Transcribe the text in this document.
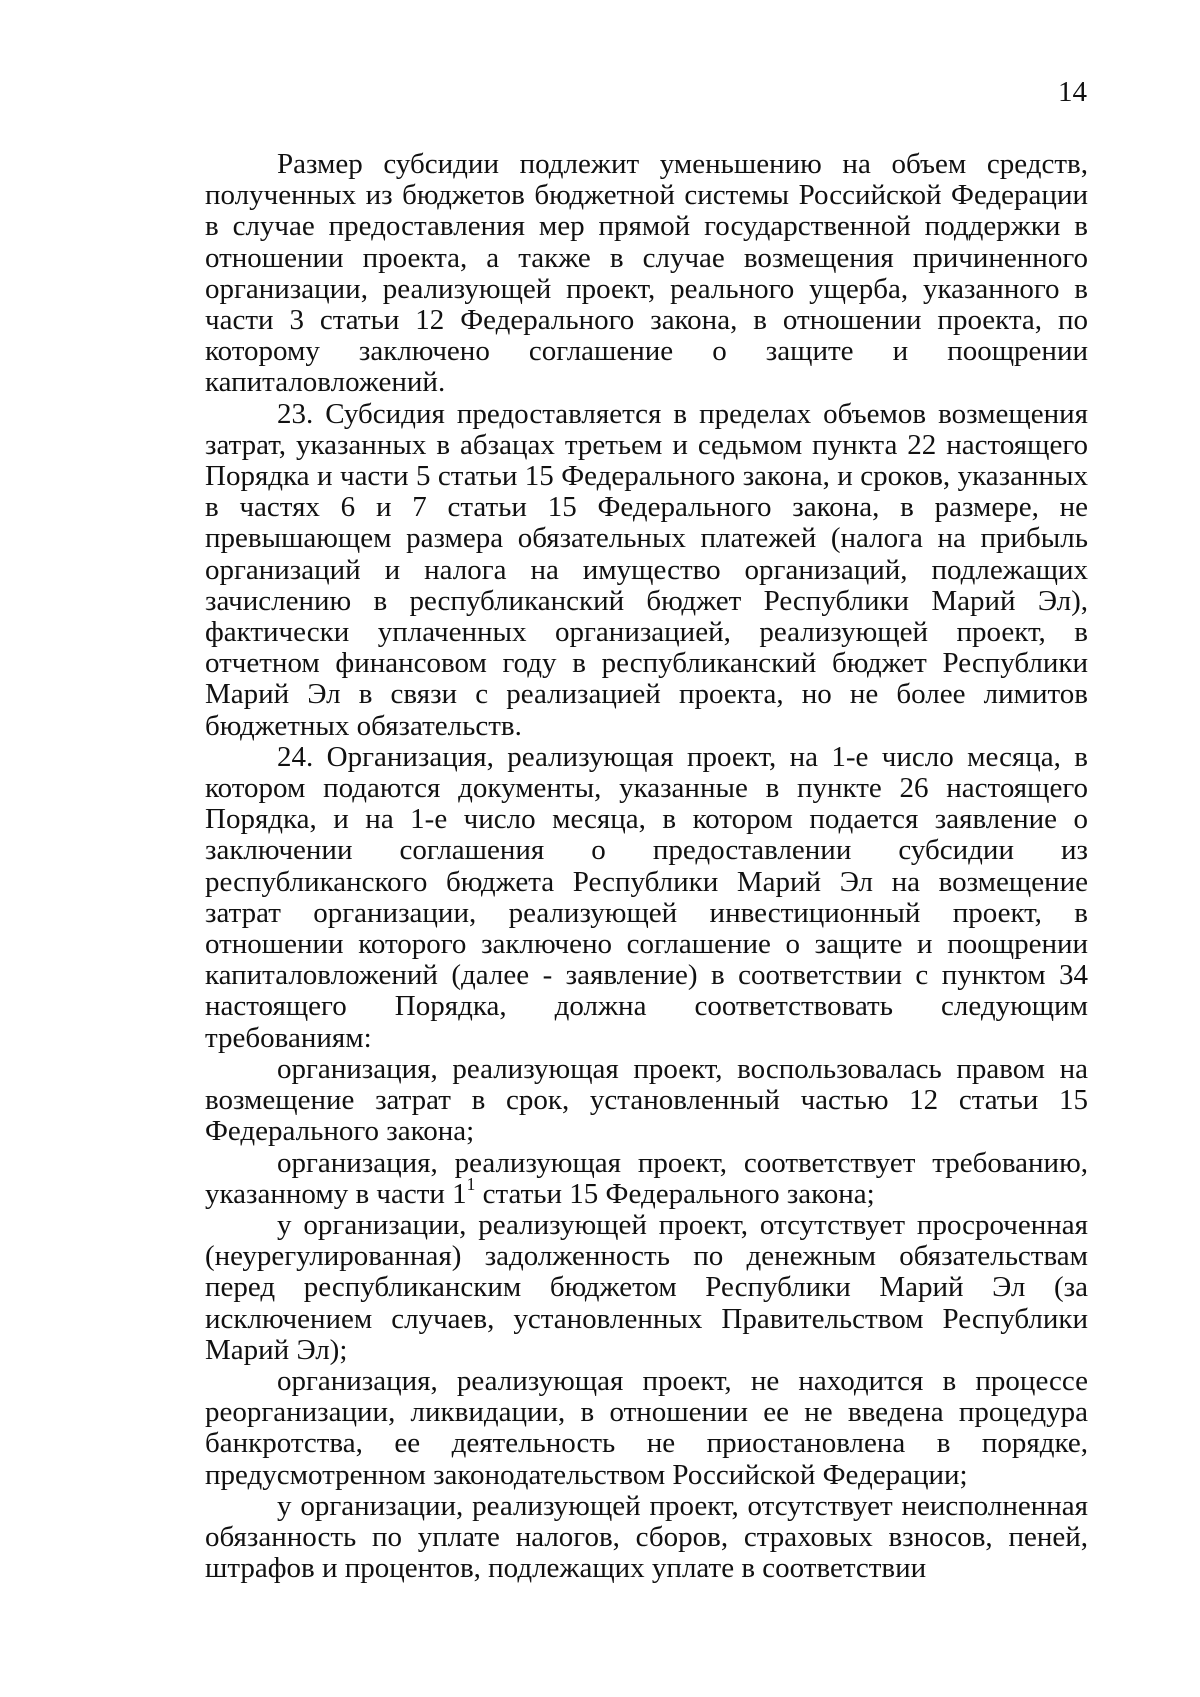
14

Размер субсидии подлежит уменьшению на объем средств, полученных из бюджетов бюджетной системы Российской Федерации в случае предоставления мер прямой государственной поддержки в отношении проекта, а также в случае возмещения причиненного организации, реализующей проект, реального ущерба, указанного в части 3 статьи 12 Федерального закона, в отношении проекта, по которому заключено соглашение о защите и поощрении капиталовложений.

23. Субсидия предоставляется в пределах объемов возмещения затрат, указанных в абзацах третьем и седьмом пункта 22 настоящего Порядка и части 5 статьи 15 Федерального закона, и сроков, указанных в частях 6 и 7 статьи 15 Федерального закона, в размере, не превышающем размера обязательных платежей (налога на прибыль организаций и налога на имущество организаций, подлежащих зачислению в республиканский бюджет Республики Марий Эл), фактически уплаченных организацией, реализующей проект, в отчетном финансовом году в республиканский бюджет Республики Марий Эл в связи с реализацией проекта, но не более лимитов бюджетных обязательств.

24. Организация, реализующая проект, на 1-е число месяца, в котором подаются документы, указанные в пункте 26 настоящего Порядка, и на 1-е число месяца, в котором подается заявление о заключении соглашения о предоставлении субсидии из республиканского бюджета Республики Марий Эл на возмещение затрат организации, реализующей инвестиционный проект, в отношении которого заключено соглашение о защите и поощрении капиталовложений (далее - заявление) в соответствии с пунктом 34 настоящего Порядка, должна соответствовать следующим требованиям:

организация, реализующая проект, воспользовалась правом на возмещение затрат в срок, установленный частью 12 статьи 15 Федерального закона;

организация, реализующая проект, соответствует требованию, указанному в части $1^1$ статьи 15 Федерального закона;

у организации, реализующей проект, отсутствует просроченная (неурегулированная) задолженность по денежным обязательствам перед республиканским бюджетом Республики Марий Эл (за исключением случаев, установленных Правительством Республики Марий Эл);

организация, реализующая проект, не находится в процессе реорганизации, ликвидации, в отношении ее не введена процедура банкротства, ее деятельность не приостановлена в порядке, предусмотренном законодательством Российской Федерации;

у организации, реализующей проект, отсутствует неисполненная обязанность по уплате налогов, сборов, страховых взносов, пеней, штрафов и процентов, подлежащих уплате в соответствии
